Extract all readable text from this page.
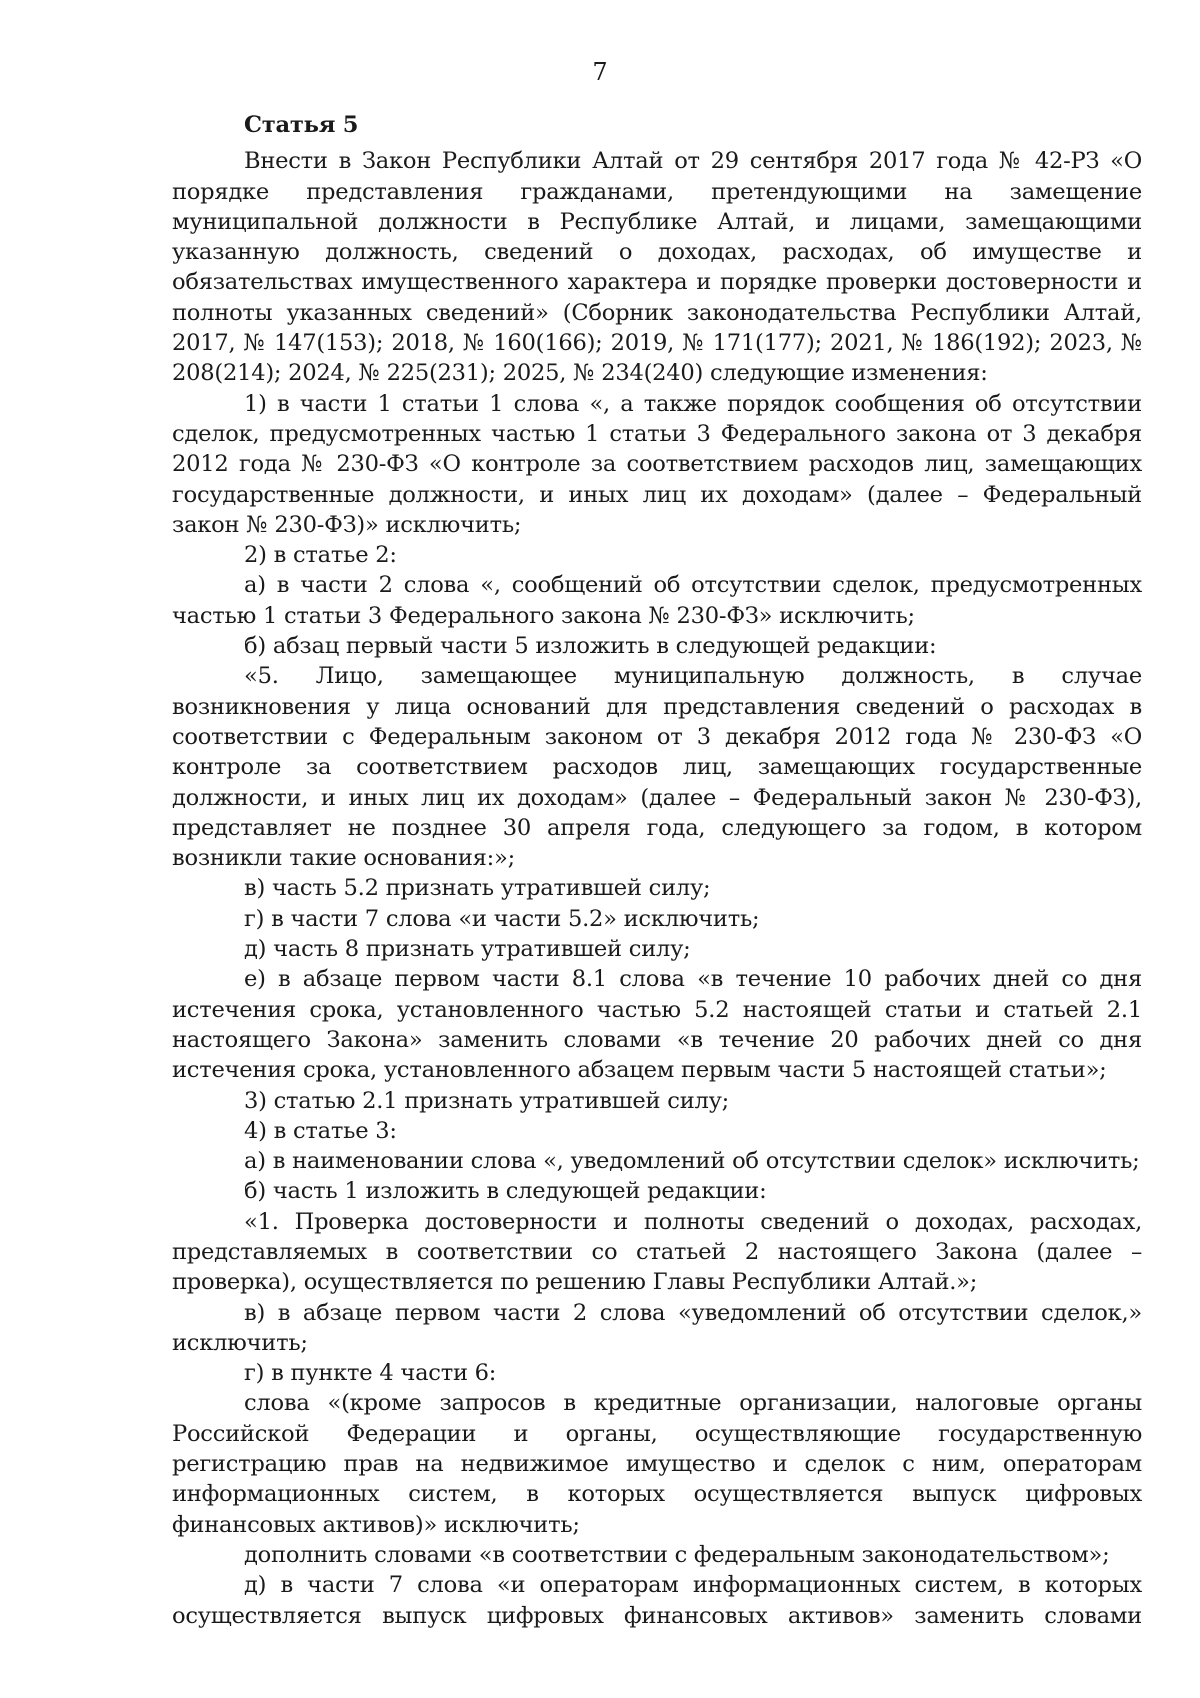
7
Статья 5

Внести в Закон Республики Алтай от 29 сентября 2017 года № 42-РЗ «О порядке представления гражданами, претендующими на замещение муниципальной должности в Республике Алтай, и лицами, замещающими указанную должность, сведений о доходах, расходах, об имуществе и обязательствах имущественного характера и порядке проверки достоверности и полноты указанных сведений» (Сборник законодательства Республики Алтай, 2017, № 147(153); 2018, № 160(166); 2019, № 171(177); 2021, № 186(192); 2023, № 208(214); 2024, № 225(231); 2025, № 234(240) следующие изменения:

1) в части 1 статьи 1 слова «, а также порядок сообщения об отсутствии сделок, предусмотренных частью 1 статьи 3 Федерального закона от 3 декабря 2012 года № 230-ФЗ «О контроле за соответствием расходов лиц, замещающих государственные должности, и иных лиц их доходам» (далее – Федеральный закон № 230-ФЗ)» исключить;

2) в статье 2:

а) в части 2 слова «, сообщений об отсутствии сделок, предусмотренных частью 1 статьи 3 Федерального закона № 230-ФЗ» исключить;

б) абзац первый части 5 изложить в следующей редакции:

«5. Лицо, замещающее муниципальную должность, в случае возникновения у лица оснований для представления сведений о расходах в соответствии с Федеральным законом от 3 декабря 2012 года № 230-ФЗ «О контроле за соответствием расходов лиц, замещающих государственные должности, и иных лиц их доходам» (далее – Федеральный закон № 230-ФЗ), представляет не позднее 30 апреля года, следующего за годом, в котором возникли такие основания:»;

в) часть 5.2 признать утратившей силу;

г) в части 7 слова «и части 5.2» исключить;

д) часть 8 признать утратившей силу;

е) в абзаце первом части 8.1 слова «в течение 10 рабочих дней со дня истечения срока, установленного частью 5.2 настоящей статьи и статьей 2.1 настоящего Закона» заменить словами «в течение 20 рабочих дней со дня истечения срока, установленного абзацем первым части 5 настоящей статьи»;

3) статью 2.1 признать утратившей силу;

4) в статье 3:

а) в наименовании слова «, уведомлений об отсутствии сделок» исключить;

б) часть 1 изложить в следующей редакции:

«1. Проверка достоверности и полноты сведений о доходах, расходах, представляемых в соответствии со статьей 2 настоящего Закона (далее – проверка), осуществляется по решению Главы Республики Алтай.»;

в) в абзаце первом части 2 слова «уведомлений об отсутствии сделок,» исключить;

г) в пункте 4 части 6:

слова «(кроме запросов в кредитные организации, налоговые органы Российской Федерации и органы, осуществляющие государственную регистрацию прав на недвижимое имущество и сделок с ним, операторам информационных систем, в которых осуществляется выпуск цифровых финансовых активов)» исключить;

дополнить словами «в соответствии с федеральным законодательством»;

д) в части 7 слова «и операторам информационных систем, в которых осуществляется выпуск цифровых финансовых активов» заменить словами
